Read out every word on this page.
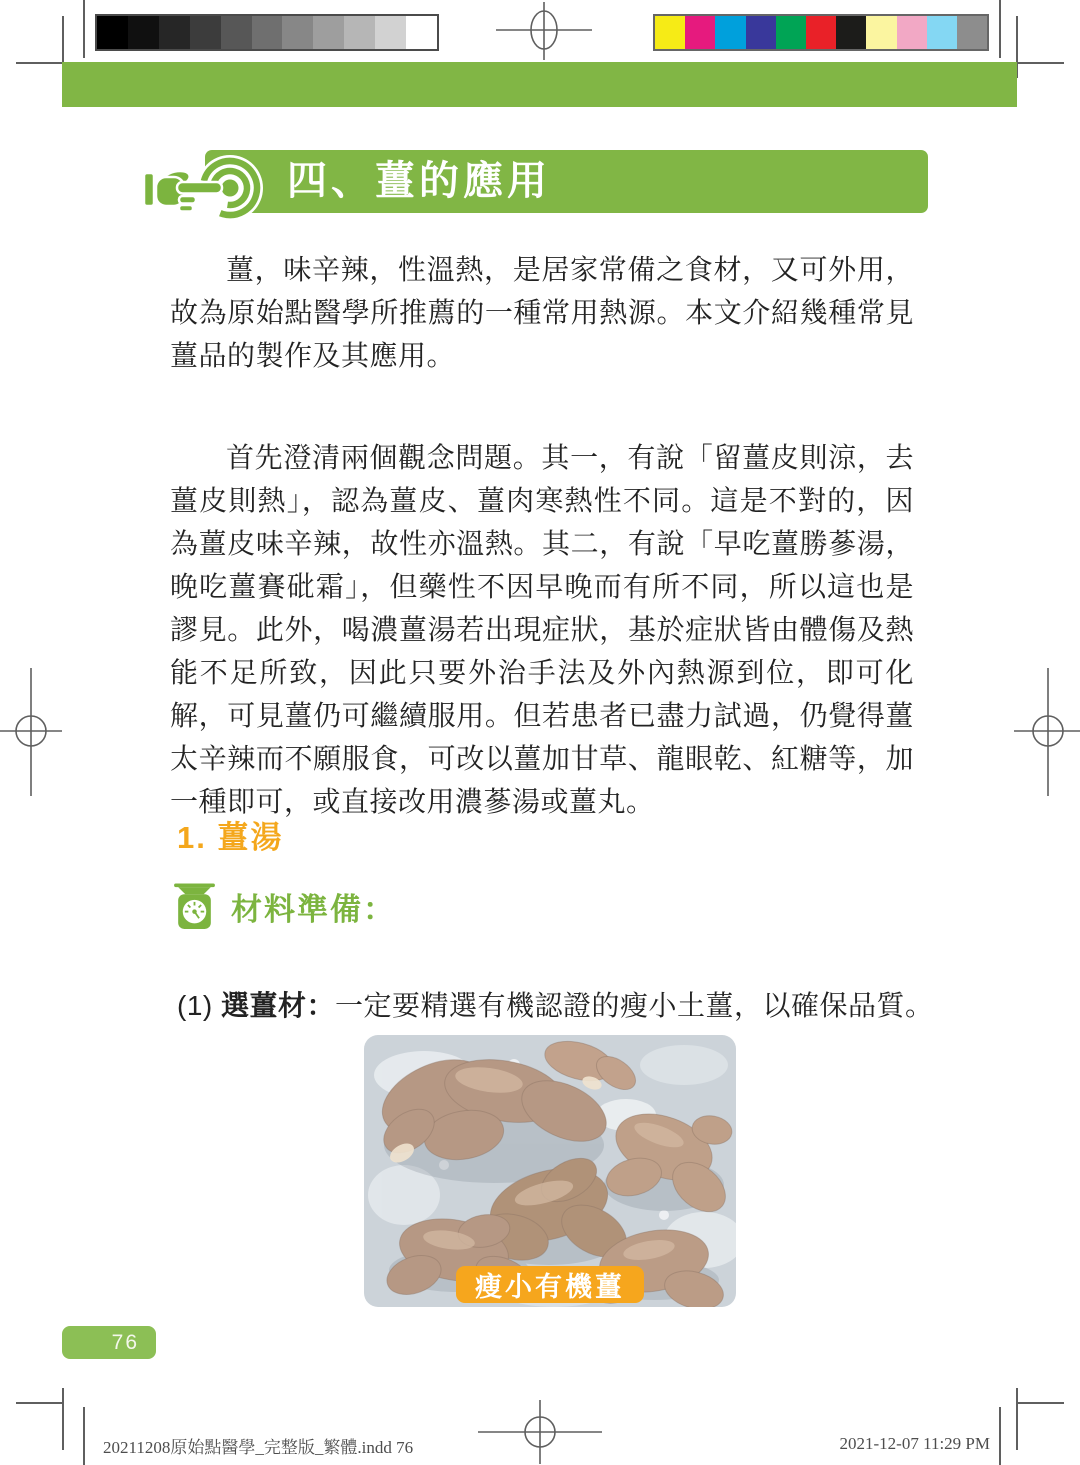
四、薑的應用

薑，味辛辣，性溫熱，是居家常備之食材，又可外用，故為原始點醫學所推薦的一種常用熱源。本文介紹幾種常見薑品的製作及其應用。

首先澄清兩個觀念問題。其一，有說「留薑皮則涼，去薑皮則熱」，認為薑皮、薑肉寒熱性不同。這是不對的，因為薑皮味辛辣，故性亦溫熱。其二，有說「早吃薑勝蔘湯，晚吃薑賽砒霜」，但藥性不因早晚而有所不同，所以這也是謬見。此外，喝濃薑湯若出現症狀，基於症狀皆由體傷及熱能不足所致，因此只要外治手法及外內熱源到位，即可化解，可見薑仍可繼續服用。但若患者已盡力試過，仍覺得薑太辛辣而不願服食，可改以薑加甘草、龍眼乾、紅糖等，加一種即可，或直接改用濃蔘湯或薑丸。

1. 薑湯
材料準備：

(1) 選薑材：一定要精選有機認證的瘦小土薑，以確保品質。

瘦小有機薑
76
20211208原始點醫學_完整版_繁體.indd 76	2021-12-07 11:29 PM
